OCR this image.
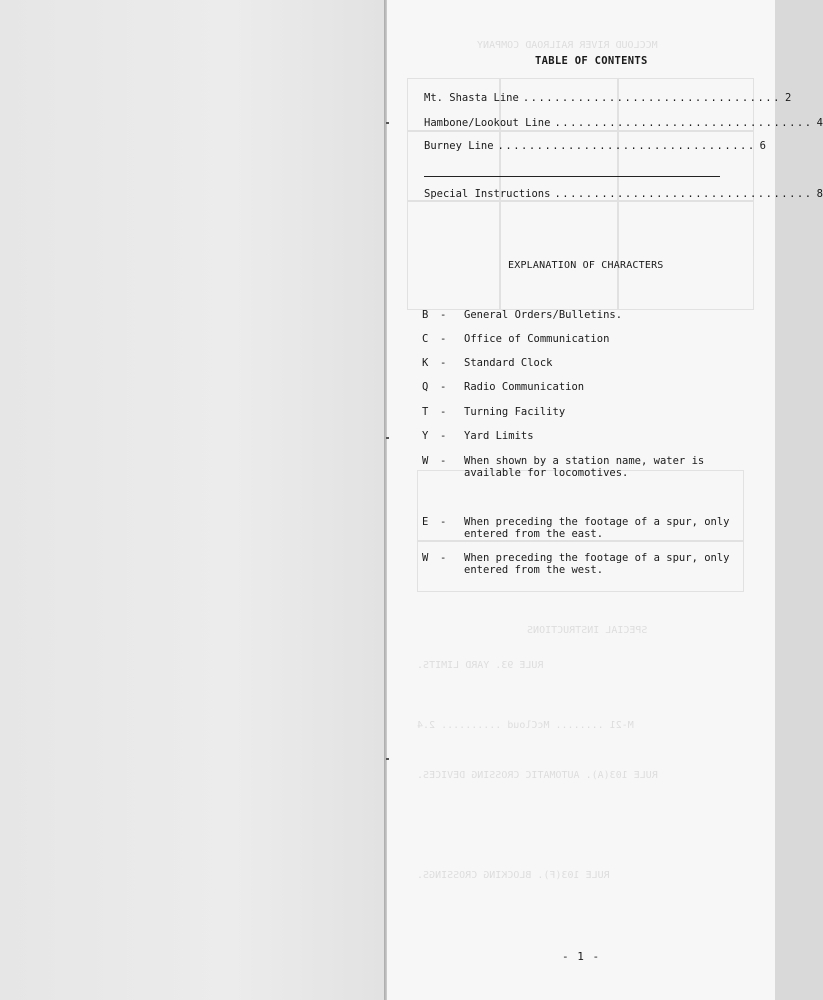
TABLE OF CONTENTS
Mt. Shasta Line ................................. 2
Hambone/Lookout Line ................................. 4
Burney Line ................................. 6
Special Instructions ................................. 8
EXPLANATION OF CHARACTERS
B	- General Orders/Bulletins.
C	- Office of Communication
K	- Standard Clock
Q	- Radio Communication
T	- Turning Facility
Y	- Yard Limits
W	- When shown by a station name, water is available for locomotives.
E	- When preceding the footage of a spur, only entered from the east.
W	- When preceding the footage of a spur, only entered from the west.
- 1 -
